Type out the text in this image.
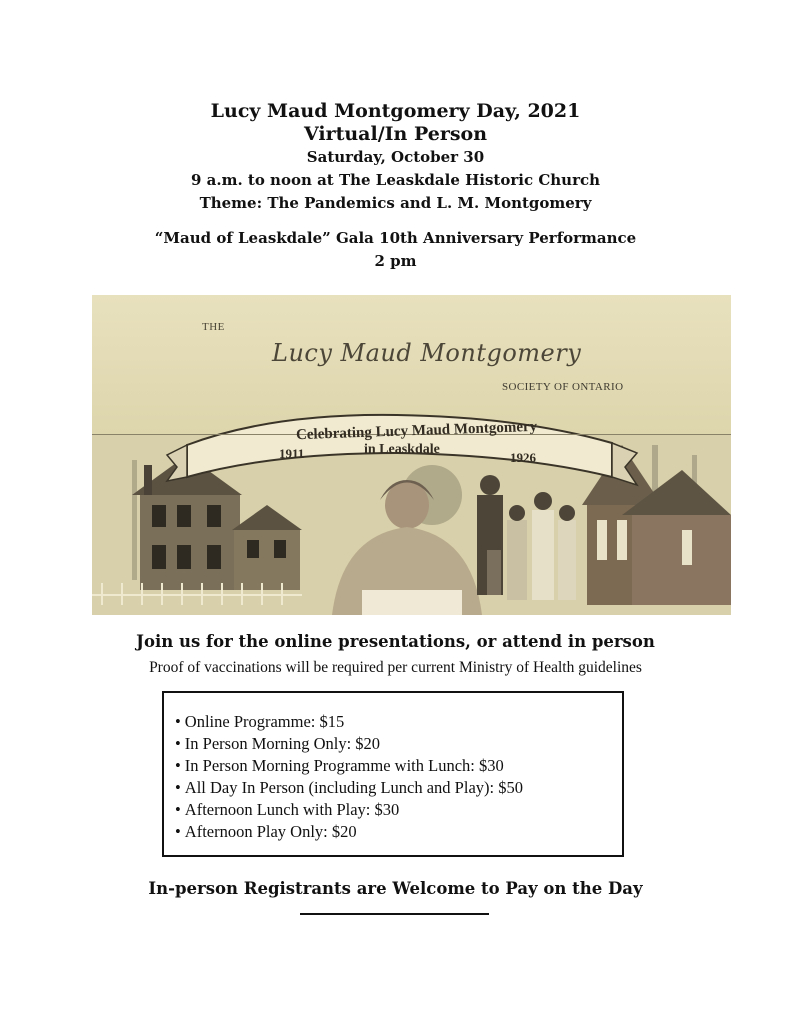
Lucy Maud Montgomery Day, 2021
Virtual/In Person
Saturday, October 30
9 a.m. to noon at The Leaskdale Historic Church
Theme: The Pandemics and L. M. Montgomery
“Maud of Leaskdale” Gala 10th Anniversary Performance
2 pm
THE
Lucy Maud Montgomery
SOCIETY OF ONTARIO
Celebrating Lucy Maud Montgomery
in Leaskdale
1911	1926
Join us for the online presentations, or attend in person
Proof of vaccinations will be required per current Ministry of Health guidelines
• Online Programme: $15
• In Person Morning Only: $20
• In Person Morning Programme with Lunch: $30
• All Day In Person (including Lunch and Play): $50
• Afternoon Lunch with Play: $30
• Afternoon Play Only: $20
In-person Registrants are Welcome to Pay on the Day
